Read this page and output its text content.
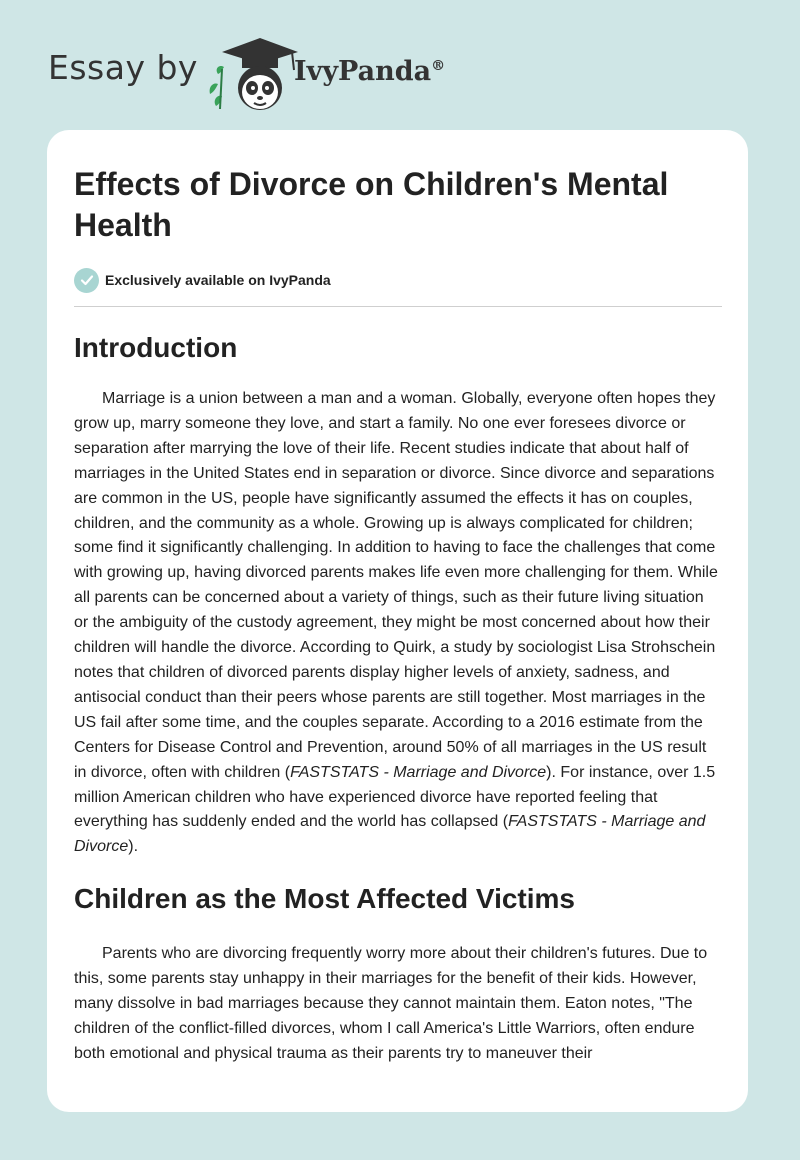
Essay by	IvyPanda®
Effects of Divorce on Children's Mental Health
Exclusively available on IvyPanda
Introduction

Marriage is a union between a man and a woman. Globally, everyone often hopes they grow up, marry someone they love, and start a family. No one ever foresees divorce or separation after marrying the love of their life. Recent studies indicate that about half of marriages in the United States end in separation or divorce. Since divorce and separations are common in the US, people have significantly assumed the effects it has on couples, children, and the community as a whole. Growing up is always complicated for children; some find it significantly challenging. In addition to having to face the challenges that come with growing up, having divorced parents makes life even more challenging for them. While all parents can be concerned about a variety of things, such as their future living situation or the ambiguity of the custody agreement, they might be most concerned about how their children will handle the divorce. According to Quirk, a study by sociologist Lisa Strohschein notes that children of divorced parents display higher levels of anxiety, sadness, and antisocial conduct than their peers whose parents are still together. Most marriages in the US fail after some time, and the couples separate. According to a 2016 estimate from the Centers for Disease Control and Prevention, around 50% of all marriages in the US result in divorce, often with children (FASTSTATS - Marriage and Divorce). For instance, over 1.5 million American children who have experienced divorce have reported feeling that everything has suddenly ended and the world has collapsed (FASTSTATS - Marriage and Divorce).

Children as the Most Affected Victims

Parents who are divorcing frequently worry more about their children's futures. Due to this, some parents stay unhappy in their marriages for the benefit of their kids. However, many dissolve in bad marriages because they cannot maintain them. Eaton notes, "The children of the conflict-filled divorces, whom I call America's Little Warriors, often endure both emotional and physical trauma as their parents try to maneuver their
